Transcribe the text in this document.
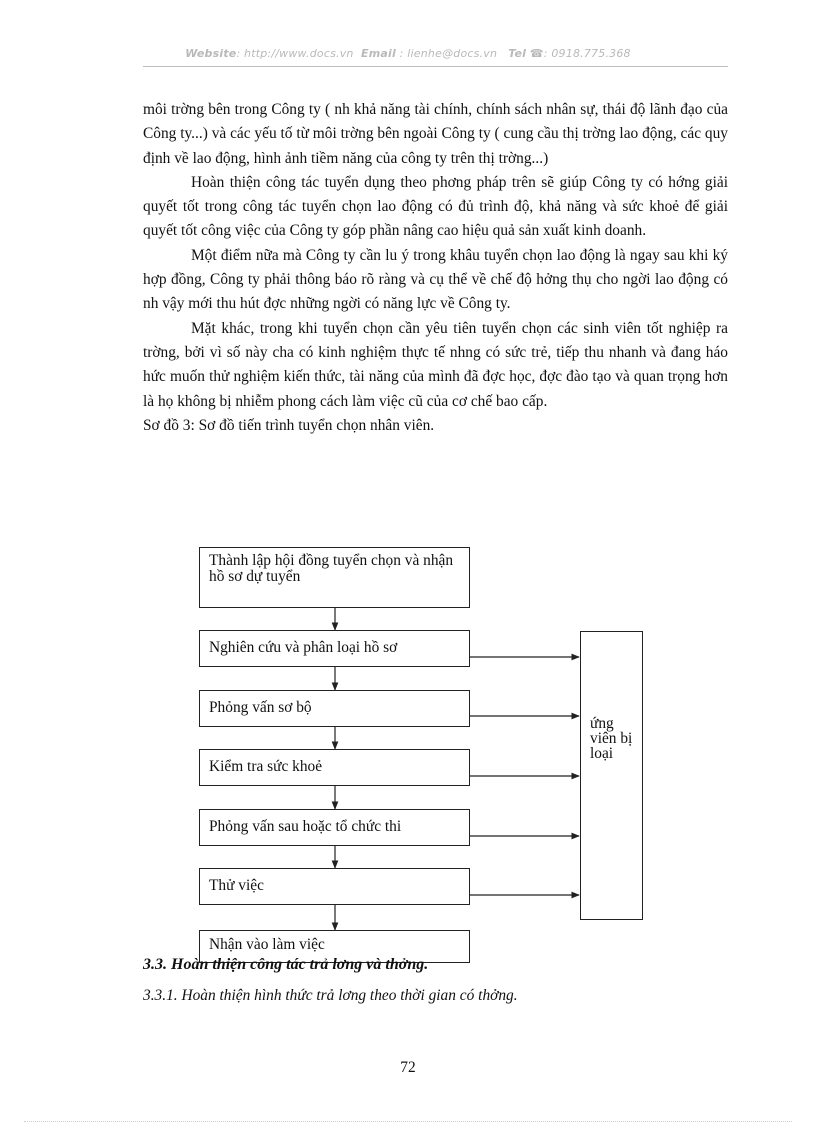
Website: http://www.docs.vn Email : lienhe@docs.vn Tel ☎: 0918.775.368

môi trờng bên trong Công ty ( nh khả năng tài chính, chính sách nhân sự, thái độ lãnh đạo của Công ty...) và các yếu tố từ môi trờng bên ngoài Công ty ( cung cầu thị trờng lao động, các quy định về lao động, hình ảnh tiềm năng của công ty trên thị trờng...)

Hoàn thiện công tác tuyển dụng theo phơng pháp trên sẽ giúp Công ty có hớng giải quyết tốt trong công tác tuyển chọn lao động có đủ trình độ, khả năng và sức khoẻ để giải quyết tốt công việc của Công ty góp phần nâng cao hiệu quả sản xuất kinh doanh.

Một điểm nữa mà Công ty cần lu ý trong khâu tuyển chọn lao động là ngay sau khi ký hợp đồng, Công ty phải thông báo rõ ràng và cụ thể về chế độ hởng thụ cho ngời lao động có nh vậy mới thu hút đợc những ngời có năng lực về Công ty.

Mặt khác, trong khi tuyển chọn cần yêu tiên tuyển chọn các sinh viên tốt nghiệp ra trờng, bởi vì số này cha có kinh nghiệm thực tế nhng có sức trẻ, tiếp thu nhanh và đang háo hức muốn thử nghiệm kiến thức, tài năng của mình đã đợc học, đợc đào tạo và quan trọng hơn là họ không bị nhiễm phong cách làm việc cũ của cơ chế bao cấp.

Sơ đồ 3: Sơ đồ tiến trình tuyển chọn nhân viên.

Thành lập hội đồng tuyển chọn và nhận hồ sơ dự tuyển
Nghiên cứu và phân loại hồ sơ
Phỏng vấn sơ bộ
Kiểm tra sức khoẻ
Phỏng vấn sau hoặc tổ chức thi
Thử việc
Nhận vào làm việc
ứng viên bị loại
3.3. Hoàn thiện công tác trả lơng và thởng.
3.3.1. Hoàn thiện hình thức trả lơng theo thời gian có thởng.
72
